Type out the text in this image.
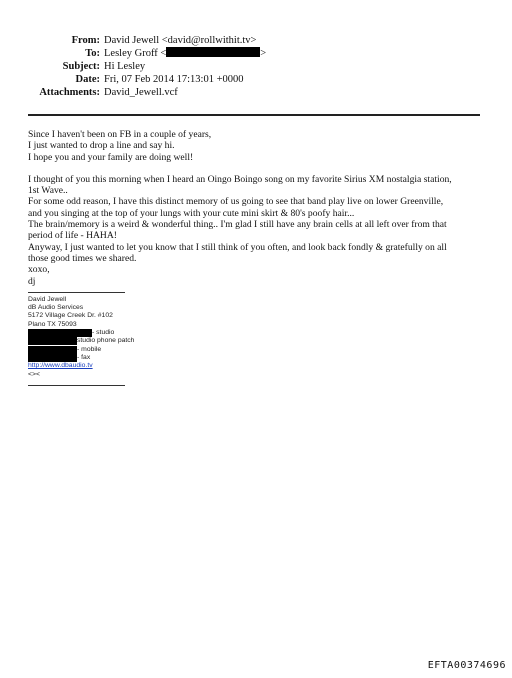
From: David Jewell <david@rollwithit.tv>
To: Lesley Groff <	>
Subject: Hi Lesley
Date: Fri, 07 Feb 2014 17:13:01 +0000
Attachments: David_Jewell.vcf

Since I haven't been on FB in a couple of years,

I just wanted to drop a line and say hi.

I hope you and your family are doing well!

I thought of you this morning when I heard an Oingo Boingo song on my favorite Sirius XM nostalgia station,

1st Wave..

For some odd reason, I have this distinct memory of us going to see that band play live on lower Greenville,

and you singing at the top of your lungs with your cute mini skirt & 80's poofy hair...

The brain/memory is a weird & wonderful thing.. I'm glad I still have any brain cells at all left over from that

period of life - HAHA!

Anyway, I just wanted to let you know that I still think of you often, and look back fondly & gratefully on all

those good times we shared.

xoxo,

dj

David Jewell
dB Audio Services
5172 Village Creek Dr. #102
Plano TX 75093
- studio
studio phone patch
- mobile
- fax
http://www.dbaudio.tv
<><
EFTA00374696
